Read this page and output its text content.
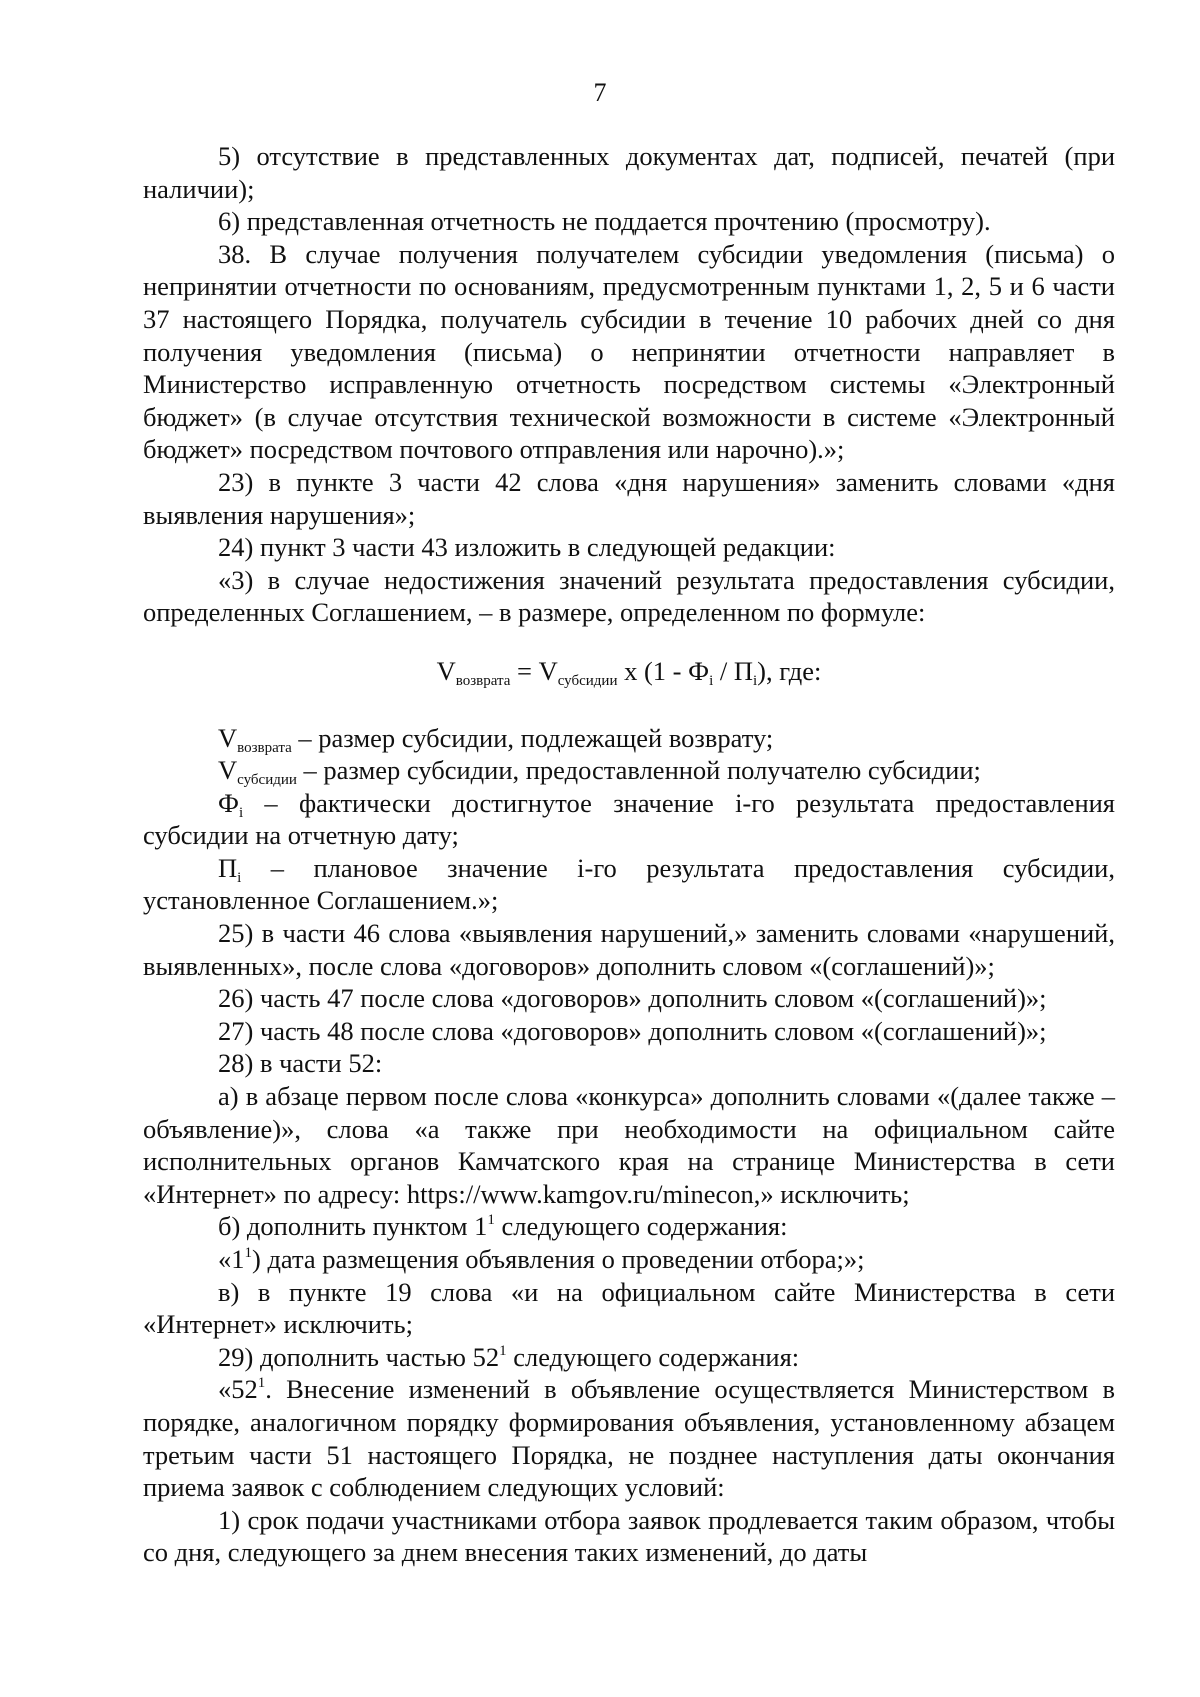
7

5) отсутствие в представленных документах дат, подписей, печатей (при наличии);

6) представленная отчетность не поддается прочтению (просмотру).

38. В случае получения получателем субсидии уведомления (письма) о непринятии отчетности по основаниям, предусмотренным пунктами 1, 2, 5 и 6 части 37 настоящего Порядка, получатель субсидии в течение 10 рабочих дней со дня получения уведомления (письма) о непринятии отчетности направляет в Министерство исправленную отчетность посредством системы «Электронный бюджет» (в случае отсутствия технической возможности в системе «Электронный бюджет» посредством почтового отправления или нарочно).»;

23) в пункте 3 части 42 слова «дня нарушения» заменить словами «дня выявления нарушения»;

24) пункт 3 части 43 изложить в следующей редакции:

«3) в случае недостижения значений результата предоставления субсидии, определенных Соглашением, – в размере, определенном по формуле:

$V_{возврата} = V_{субсидии}$ x $(1 - Ф_i / П_i)$, где:

$V_{возврата}$ – размер субсидии, подлежащей возврату;

$V_{субсидии}$ – размер субсидии, предоставленной получателю субсидии;

$Ф_i$ – фактически достигнутое значение i-го результата предоставления субсидии на отчетную дату;

$П_i$ – плановое значение i-го результата предоставления субсидии, установленное Соглашением.»;

25) в части 46 слова «выявления нарушений,» заменить словами «нарушений, выявленных», после слова «договоров» дополнить словом «(соглашений)»;

26) часть 47 после слова «договоров» дополнить словом «(соглашений)»;

27) часть 48 после слова «договоров» дополнить словом «(соглашений)»;

28) в части 52:

а) в абзаце первом после слова «конкурса» дополнить словами «(далее также – объявление)», слова «а также при необходимости на официальном сайте исполнительных органов Камчатского края на странице Министерства в сети «Интернет» по адресу: https://www.kamgov.ru/minecon,» исключить;

б) дополнить пунктом $1^1$ следующего содержания:

«$1^1$) дата размещения объявления о проведении отбора;»;

в) в пункте 19 слова «и на официальном сайте Министерства в сети «Интернет» исключить;

29) дополнить частью $52^1$ следующего содержания:

«$52^1$. Внесение изменений в объявление осуществляется Министерством в порядке, аналогичном порядку формирования объявления, установленному абзацем третьим части 51 настоящего Порядка, не позднее наступления даты окончания приема заявок с соблюдением следующих условий:

1) срок подачи участниками отбора заявок продлевается таким образом, чтобы со дня, следующего за днем внесения таких изменений, до даты
